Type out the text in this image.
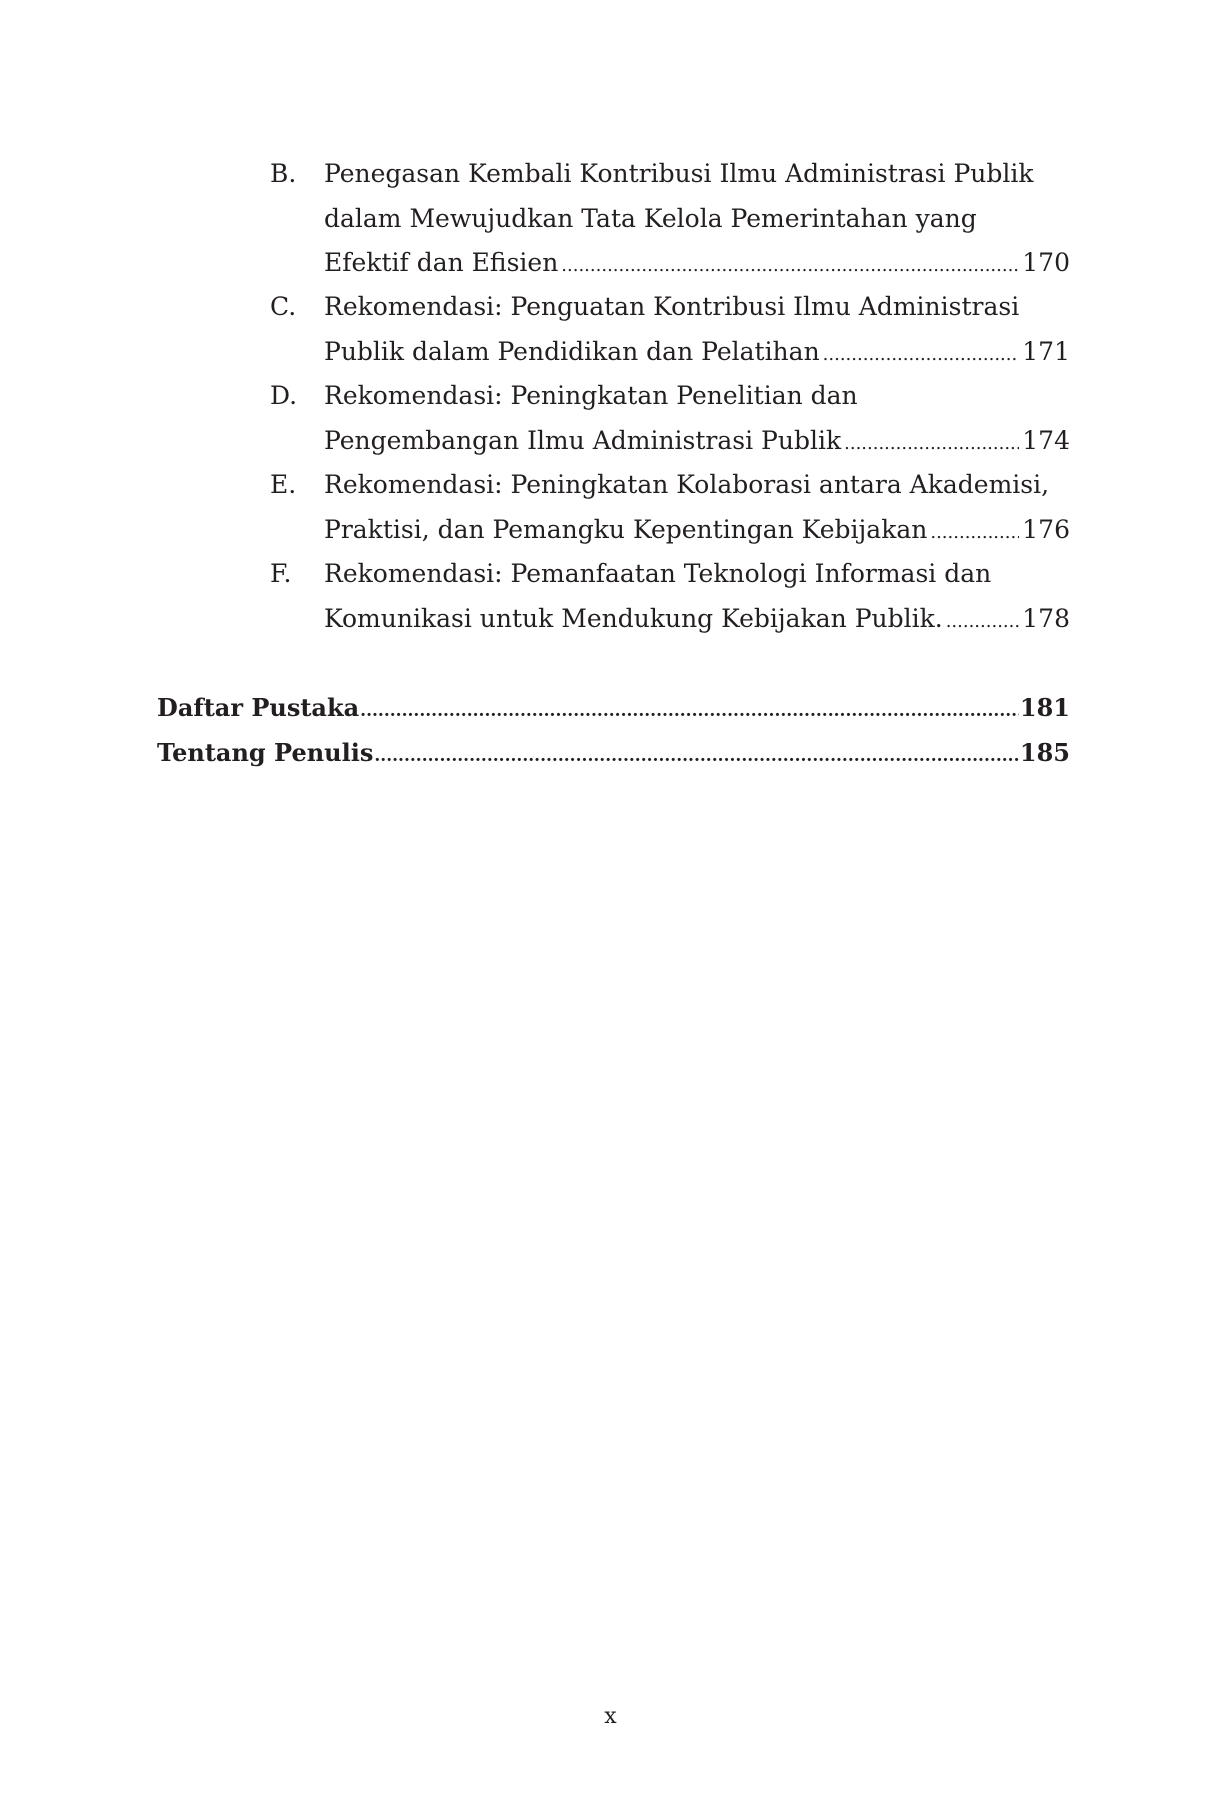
B.	Penegasan Kembali Kontribusi Ilmu Administrasi Publik
dalam Mewujudkan Tata Kelola Pemerintahan yang
Efektif dan Efisien .....	170
C.	Rekomendasi: Penguatan Kontribusi Ilmu Administrasi
Publik dalam Pendidikan dan Pelatihan .....	171
D.	Rekomendasi: Peningkatan Penelitian dan
Pengembangan Ilmu Administrasi Publik .....	174
E.	Rekomendasi: Peningkatan Kolaborasi antara Akademisi,
Praktisi, dan Pemangku Kepentingan Kebijakan .....	176
F.	Rekomendasi: Pemanfaatan Teknologi Informasi dan
Komunikasi untuk Mendukung Kebijakan Publik. .....	178
Daftar Pustaka .....	181
Tentang Penulis .....	185
x
